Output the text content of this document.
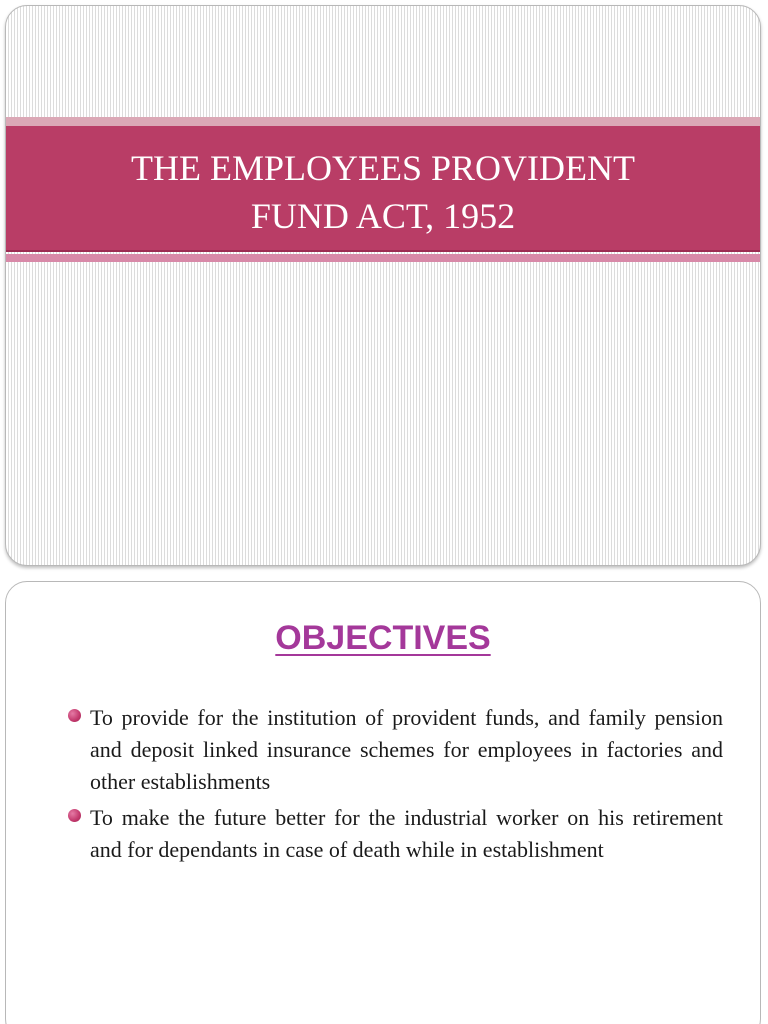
THE EMPLOYEES PROVIDENT
FUND ACT, 1952
OBJECTIVES
To provide for the institution of provident funds, and family pension and deposit linked insurance schemes for employees in factories and other establishments
To make the future better for the industrial worker on his retirement and for dependants in case of death while in establishment
